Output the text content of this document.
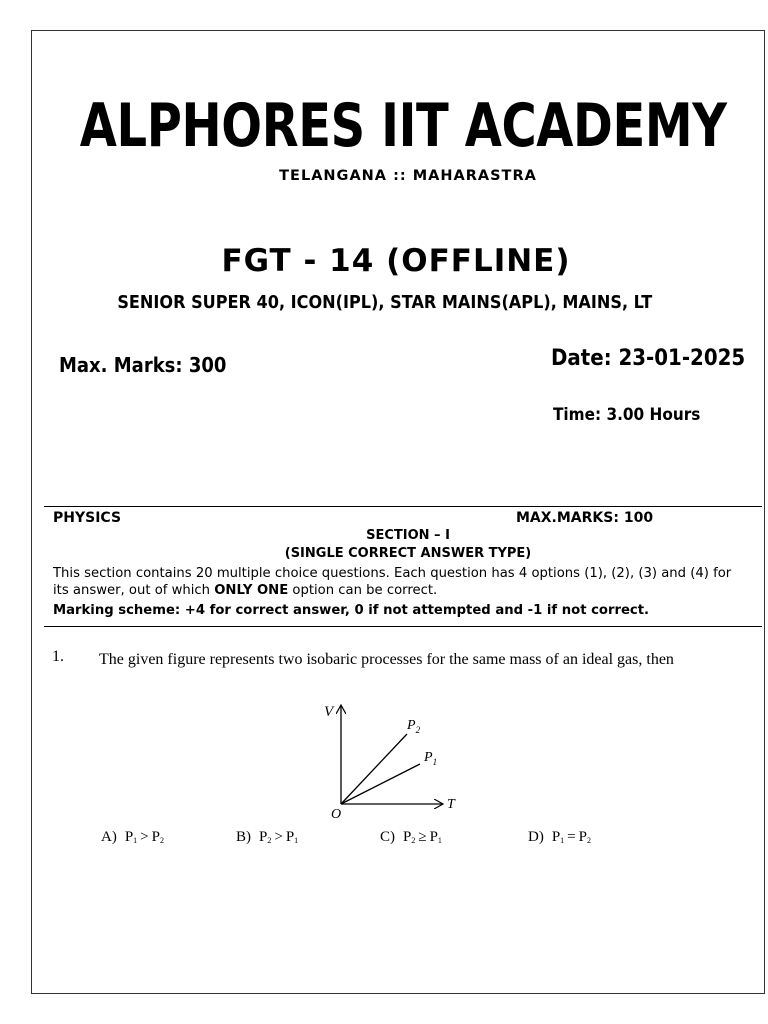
ALPHORES IIT ACADEMY
TELANGANA :: MAHARASTRA
FGT - 14 (OFFLINE)
SENIOR SUPER 40, ICON(IPL), STAR MAINS(APL), MAINS, LT
Max. Marks: 300	Date: 23-01-2025
Time: 3.00 Hours
PHYSICS	MAX.MARKS: 100
SECTION – I
(SINGLE CORRECT ANSWER TYPE)
This section contains 20 multiple choice questions. Each question has 4 options (1), (2), (3) and (4) for its answer, out of which ONLY ONE option can be correct.
Marking scheme: +4 for correct answer, 0 if not attempted and -1 if not correct.
1. The given figure represents two isobaric processes for the same mass of an ideal gas, then
V
T
O
$P_2$
$P_1$
A) $P_1 > P_2$	B) $P_2 > P_1$	C) $P_2 \ge P_1$	D) $P_1 = P_2$
